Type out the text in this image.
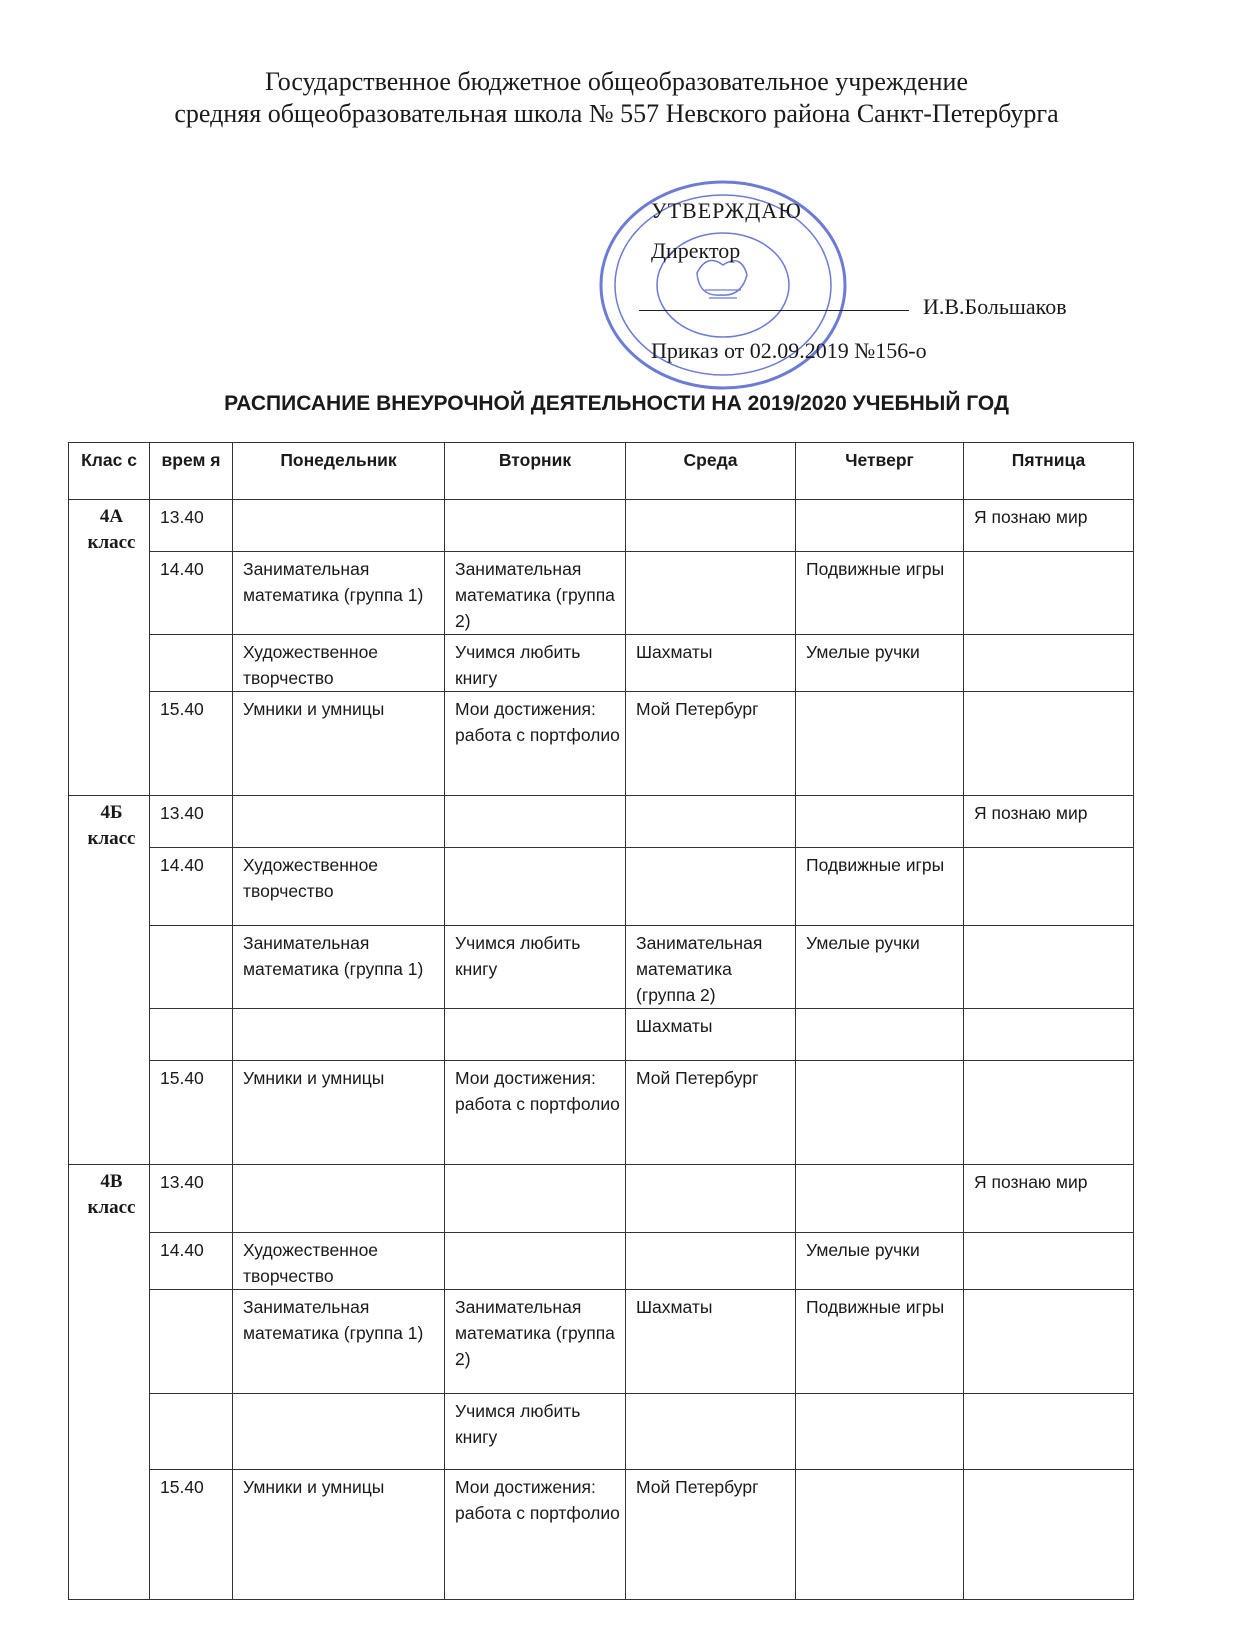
Государственное бюджетное общеобразовательное учреждение
средняя общеобразовательная школа № 557 Невского района Санкт-Петербурга
УТВЕРЖДАЮ
Директор
И.В.Большаков
Приказ от 02.09.2019 №156-о
РАСПИСАНИЕ ВНЕУРОЧНОЙ ДЕЯТЕЛЬНОСТИ НА 2019/2020 УЧЕБНЫЙ ГОД
Клас с	врем я	Понедельник	Вторник	Среда	Четверг	Пятница
4А класс	13.40					Я познаю мир
	14.40	Занимательная математика (группа 1)	Занимательная математика (группа 2)		Подвижные игры	
		Художественное творчество	Учимся любить книгу	Шахматы	Умелые ручки	
	15.40	Умники и умницы	Мои достижения: работа с портфолио	Мой Петербург		
4Б класс	13.40					Я познаю мир
	14.40	Художественное творчество			Подвижные игры	
		Занимательная математика (группа 1)	Учимся любить книгу	Занимательная математика (группа 2)	Умелые ручки	
				Шахматы		
	15.40	Умники и умницы	Мои достижения: работа с портфолио	Мой Петербург		
4В класс	13.40					Я познаю мир
	14.40	Художественное творчество			Умелые ручки	
		Занимательная математика (группа 1)	Занимательная математика (группа 2)	Шахматы	Подвижные игры	
			Учимся любить книгу			
	15.40	Умники и умницы	Мои достижения: работа с портфолио	Мой Петербург		
